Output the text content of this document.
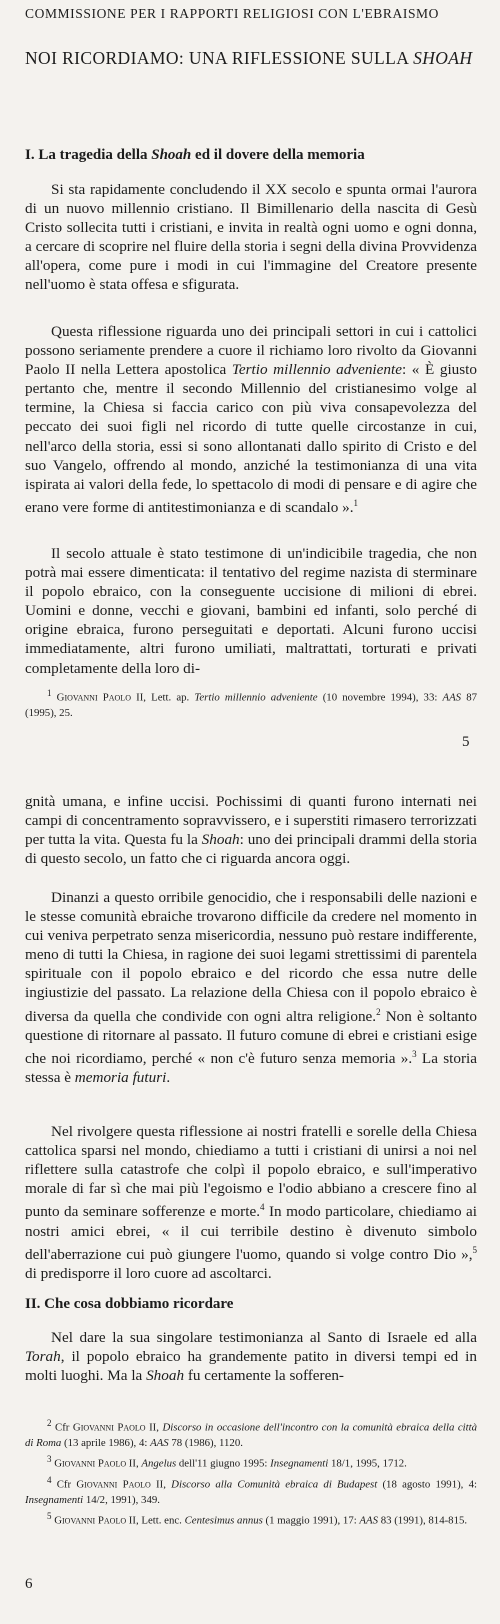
COMMISSIONE PER I RAPPORTI RELIGIOSI CON L'EBRAISMO
NOI RICORDIAMO: UNA RIFLESSIONE SULLA SHOAH
I. La tragedia della Shoah ed il dovere della memoria

Si sta rapidamente concludendo il XX secolo e spunta ormai l'aurora di un nuovo millennio cristiano. Il Bimillenario della nascita di Gesù Cristo sollecita tutti i cristiani, e invita in realtà ogni uomo e ogni donna, a cercare di scoprire nel fluire della storia i segni della divina Provvidenza all'opera, come pure i modi in cui l'immagine del Creatore presente nell'uomo è stata offesa e sfigurata.

Questa riflessione riguarda uno dei principali settori in cui i cattolici possono seriamente prendere a cuore il richiamo loro rivolto da Giovanni Paolo II nella Lettera apostolica Tertio millennio adveniente: « È giusto pertanto che, mentre il secondo Millennio del cristianesimo volge al termine, la Chiesa si faccia carico con più viva consapevolezza del peccato dei suoi figli nel ricordo di tutte quelle circostanze in cui, nell'arco della storia, essi si sono allontanati dallo spirito di Cristo e del suo Vangelo, offrendo al mondo, anziché la testimonianza di una vita ispirata ai valori della fede, lo spettacolo di modi di pensare e di agire che erano vere forme di antitestimonianza e di scandalo ».$^1$

Il secolo attuale è stato testimone di un'indicibile tragedia, che non potrà mai essere dimenticata: il tentativo del regime nazista di sterminare il popolo ebraico, con la conseguente uccisione di milioni di ebrei. Uomini e donne, vecchi e giovani, bambini ed infanti, solo perché di origine ebraica, furono perseguitati e deportati. Alcuni furono uccisi immediatamente, altri furono umiliati, maltrattati, torturati e privati completamente della loro di-

$^1$ Giovanni Paolo II, Lett. ap. Tertio millennio adveniente (10 novembre 1994), 33: AAS 87 (1995), 25.

5

gnità umana, e infine uccisi. Pochissimi di quanti furono internati nei campi di concentramento sopravvissero, e i superstiti rimasero terrorizzati per tutta la vita. Questa fu la Shoah: uno dei principali drammi della storia di questo secolo, un fatto che ci riguarda ancora oggi.

Dinanzi a questo orribile genocidio, che i responsabili delle nazioni e le stesse comunità ebraiche trovarono difficile da credere nel momento in cui veniva perpetrato senza misericordia, nessuno può restare indifferente, meno di tutti la Chiesa, in ragione dei suoi legami strettissimi di parentela spirituale con il popolo ebraico e del ricordo che essa nutre delle ingiustizie del passato. La relazione della Chiesa con il popolo ebraico è diversa da quella che condivide con ogni altra religione.$^2$ Non è soltanto questione di ritornare al passato. Il futuro comune di ebrei e cristiani esige che noi ricordiamo, perché « non c'è futuro senza memoria ».$^3$ La storia stessa è memoria futuri.

Nel rivolgere questa riflessione ai nostri fratelli e sorelle della Chiesa cattolica sparsi nel mondo, chiediamo a tutti i cristiani di unirsi a noi nel riflettere sulla catastrofe che colpì il popolo ebraico, e sull'imperativo morale di far sì che mai più l'egoismo e l'odio abbiano a crescere fino al punto da seminare sofferenze e morte.$^4$ In modo particolare, chiediamo ai nostri amici ebrei, « il cui terribile destino è divenuto simbolo dell'aberrazione cui può giungere l'uomo, quando si volge contro Dio »,$^5$ di predisporre il loro cuore ad ascoltarci.

II. Che cosa dobbiamo ricordare

Nel dare la sua singolare testimonianza al Santo di Israele ed alla Torah, il popolo ebraico ha grandemente patito in diversi tempi ed in molti luoghi. Ma la Shoah fu certamente la sofferen-

$^2$ Cfr Giovanni Paolo II, Discorso in occasione dell'incontro con la comunità ebraica della città di Roma (13 aprile 1986), 4: AAS 78 (1986), 1120.

$^3$ Giovanni Paolo II, Angelus dell'11 giugno 1995: Insegnamenti 18/1, 1995, 1712.

$^4$ Cfr Giovanni Paolo II, Discorso alla Comunità ebraica di Budapest (18 agosto 1991), 4: Insegnamenti 14/2, 1991), 349.

$^5$ Giovanni Paolo II, Lett. enc. Centesimus annus (1 maggio 1991), 17: AAS 83 (1991), 814-815.

6
